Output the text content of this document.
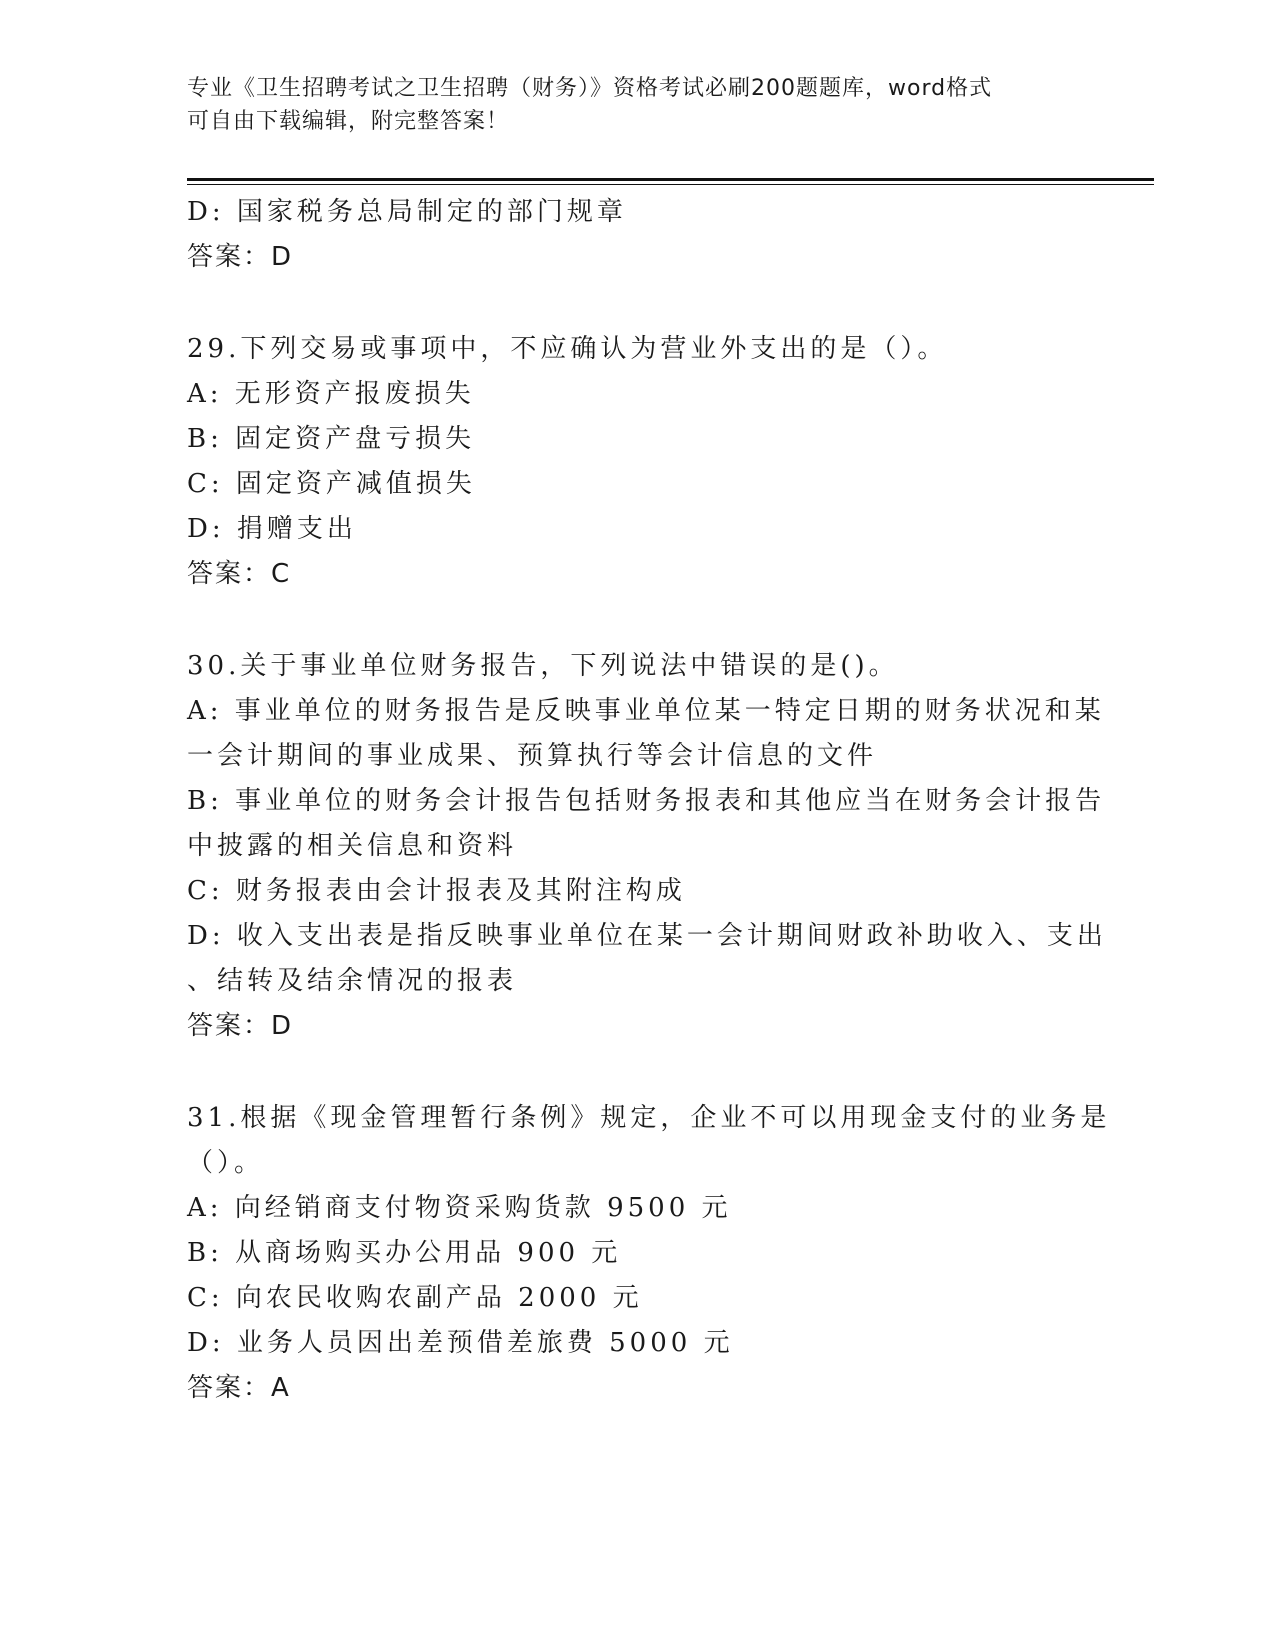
专业《卫生招聘考试之卫生招聘（财务）》资格考试必刷200题题库，word格式
可自由下载编辑，附完整答案！
D: 国家税务总局制定的部门规章
答案：D
29.下列交易或事项中，不应确认为营业外支出的是（）。
A: 无形资产报废损失
B: 固定资产盘亏损失
C: 固定资产减值损失
D: 捐赠支出
答案：C
30.关于事业单位财务报告，下列说法中错误的是()。
A: 事业单位的财务报告是反映事业单位某一特定日期的财务状况和某
一会计期间的事业成果、预算执行等会计信息的文件
B: 事业单位的财务会计报告包括财务报表和其他应当在财务会计报告
中披露的相关信息和资料
C: 财务报表由会计报表及其附注构成
D: 收入支出表是指反映事业单位在某一会计期间财政补助收入、支出
、结转及结余情况的报表
答案：D
31.根据《现金管理暂行条例》规定，企业不可以用现金支付的业务是
（）。
A: 向经销商支付物资采购货款 9500 元
B: 从商场购买办公用品 900 元
C: 向农民收购农副产品 2000 元
D: 业务人员因出差预借差旅费 5000 元
答案：A
